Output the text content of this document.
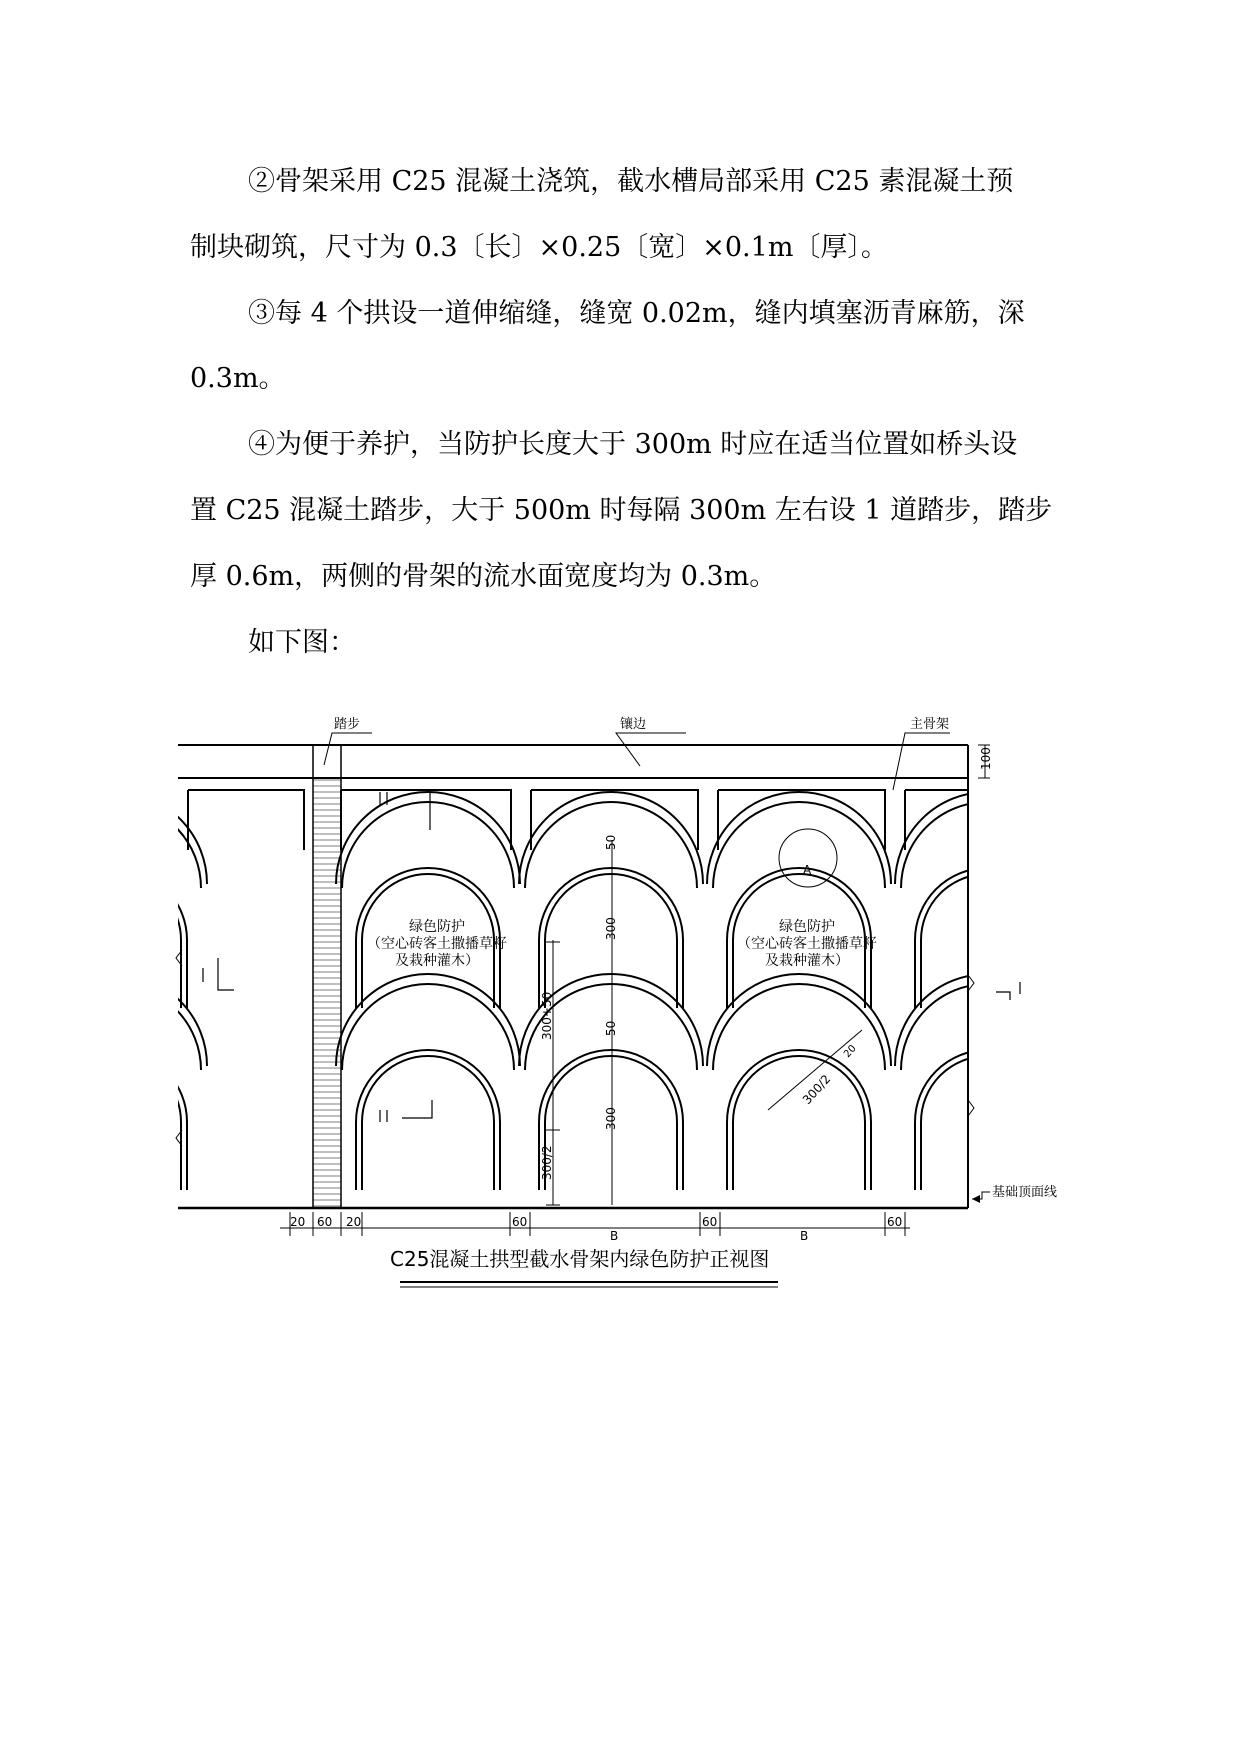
②骨架采用 C25 混凝土浇筑，截水槽局部采用 C25 素混凝土预
制块砌筑，尺寸为 0.3〔长〕×0.25〔宽〕×0.1m〔厚〕。
③每 4 个拱设一道伸缩缝，缝宽 0.02m，缝内填塞沥青麻筋，深
0.3m。
④为便于养护，当防护长度大于 300m 时应在适当位置如桥头设
置 C25 混凝土踏步，大于 500m 时每隔 300m 左右设 1 道踏步，踏步
厚 0.6m，两侧的骨架的流水面宽度均为 0.3m。
如下图：
踏步	镶边	主骨架
基础顶面线
A
绿色防护
（空心砖客土撒播草籽
及栽种灌木）
绿色防护
（空心砖客土撒播草籽
及栽种灌木）
100
50
300
50
300
300+50
300/2
300/2
20
20 60 20	60
B
60
B
60
C25混凝土拱型截水骨架内绿色防护正视图
